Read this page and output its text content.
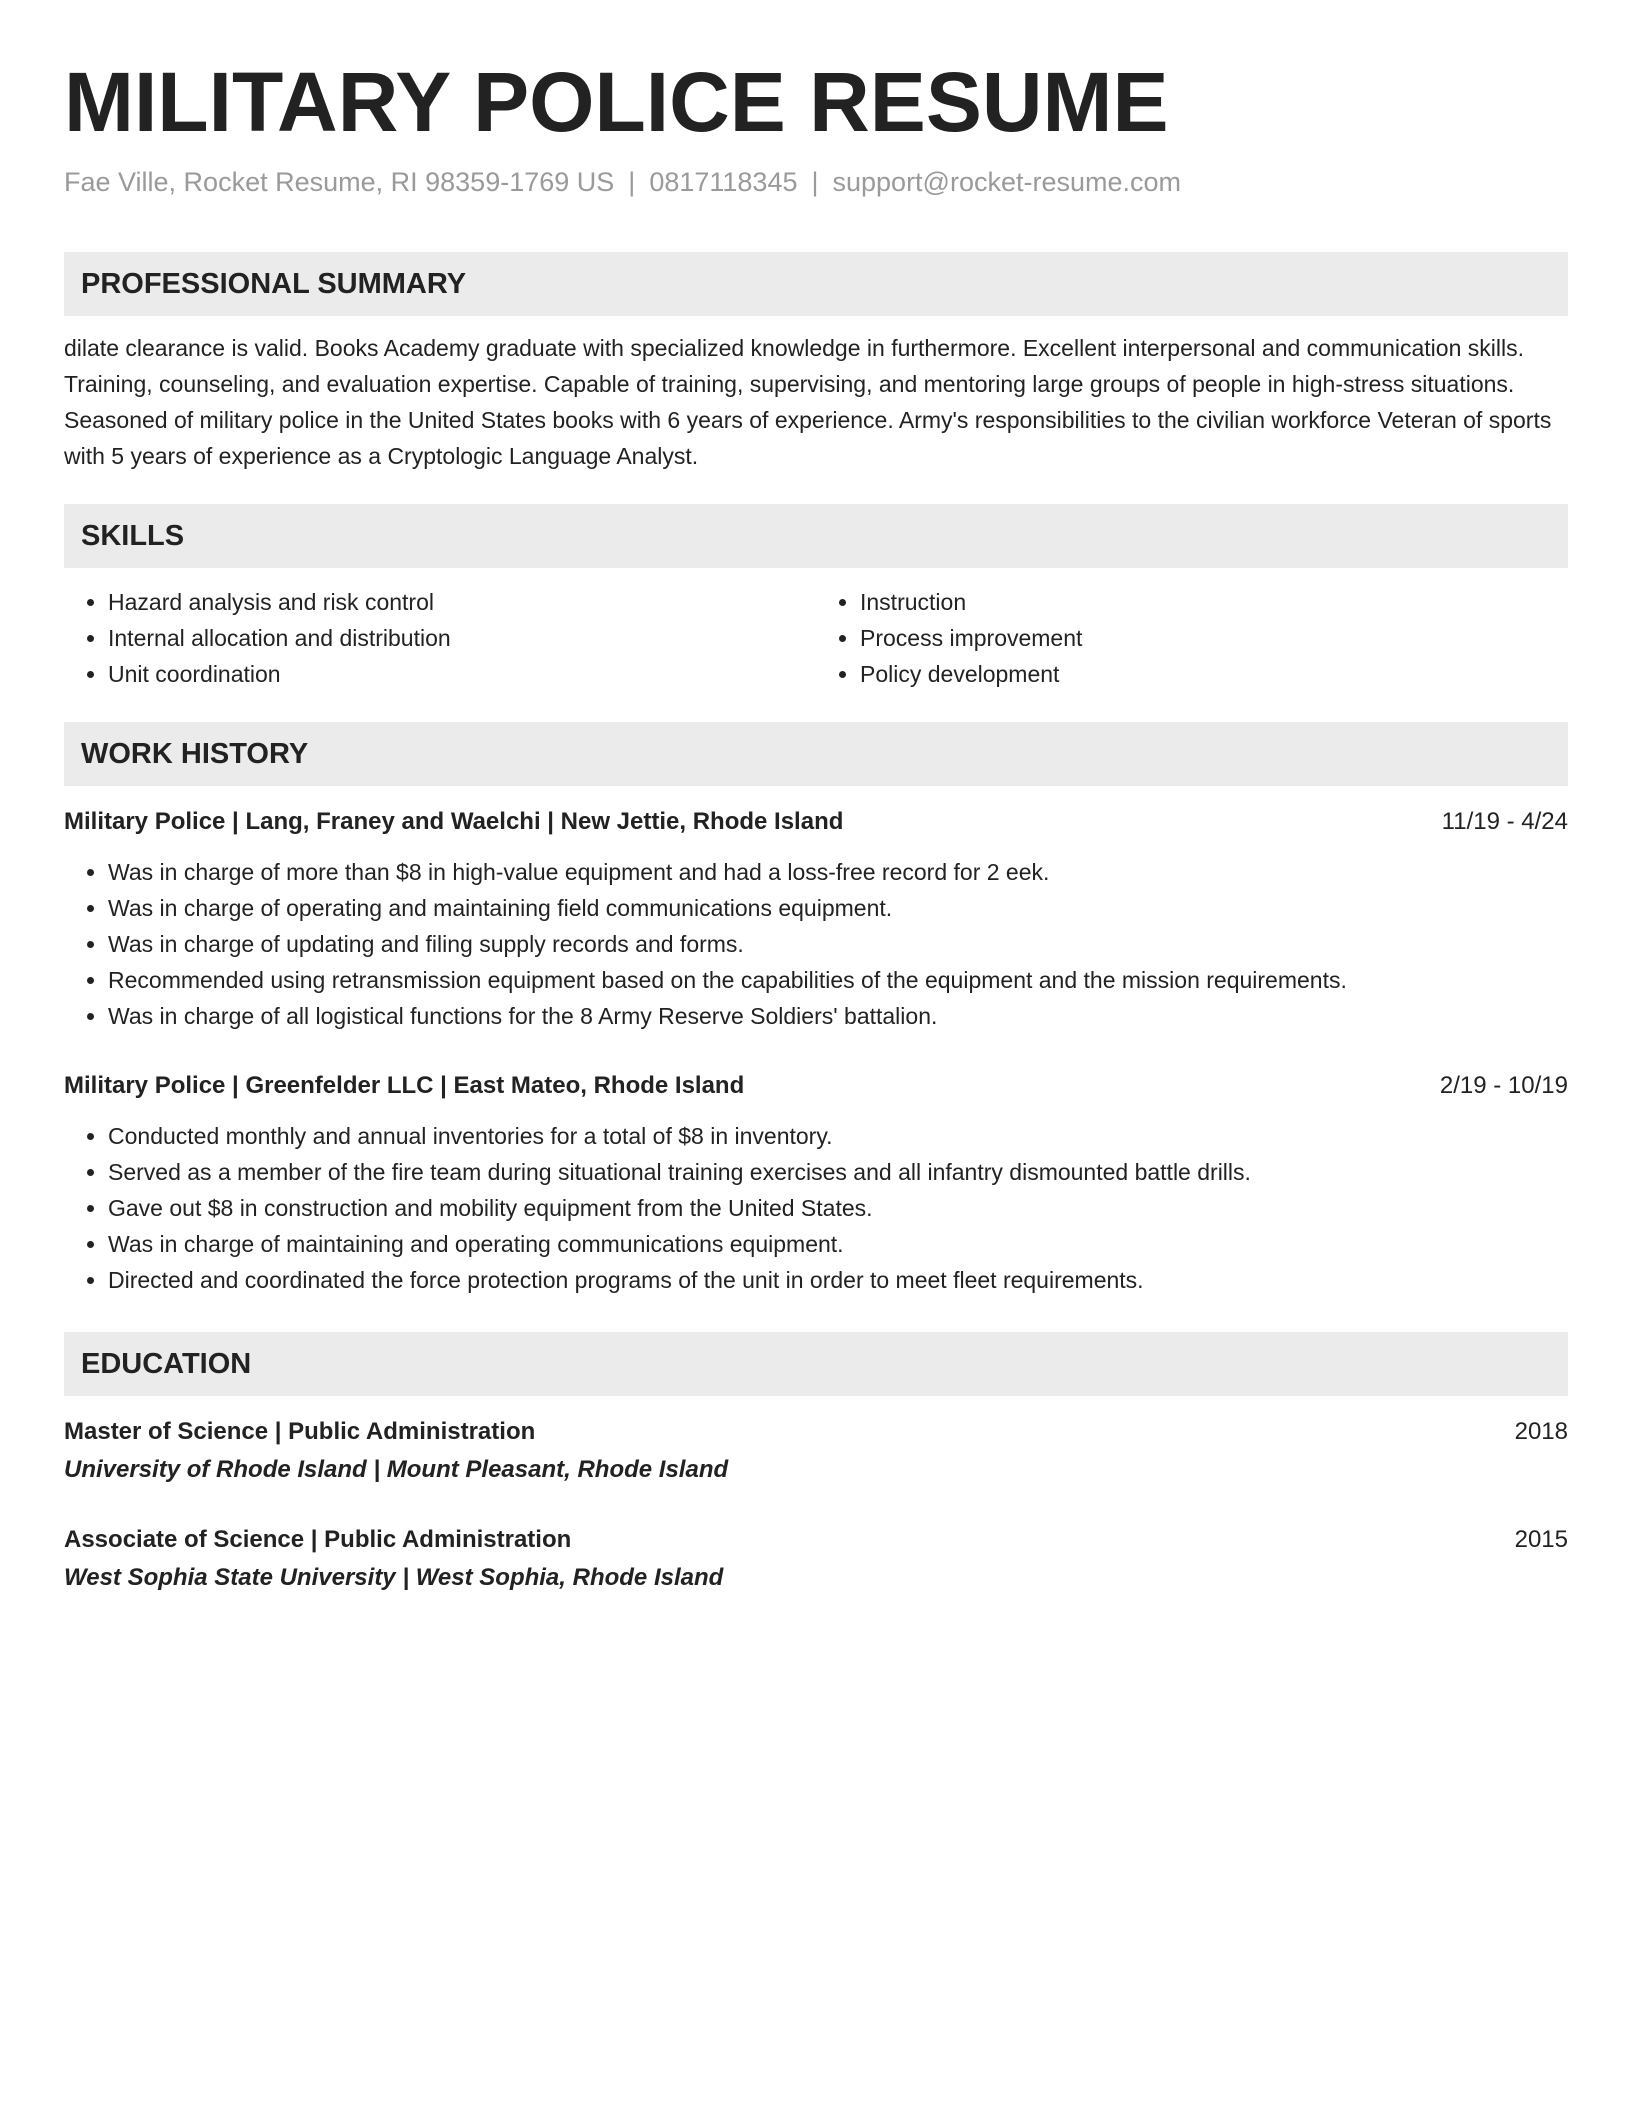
MILITARY POLICE RESUME
Fae Ville, Rocket Resume, RI 98359-1769 US | 0817118345 | support@rocket-resume.com
PROFESSIONAL SUMMARY
dilate clearance is valid. Books Academy graduate with specialized knowledge in furthermore. Excellent interpersonal and communication skills. Training, counseling, and evaluation expertise. Capable of training, supervising, and mentoring large groups of people in high-stress situations. Seasoned of military police in the United States books with 6 years of experience. Army's responsibilities to the civilian workforce Veteran of sports with 5 years of experience as a Cryptologic Language Analyst.
SKILLS
• Hazard analysis and risk control
• Internal allocation and distribution
• Unit coordination
• Instruction
• Process improvement
• Policy development
WORK HISTORY
Military Police | Lang, Franey and Waelchi | New Jettie, Rhode Island	11/19 - 4/24
• Was in charge of more than $8 in high-value equipment and had a loss-free record for 2 eek.
• Was in charge of operating and maintaining field communications equipment.
• Was in charge of updating and filing supply records and forms.
• Recommended using retransmission equipment based on the capabilities of the equipment and the mission requirements.
• Was in charge of all logistical functions for the 8 Army Reserve Soldiers' battalion.
Military Police | Greenfelder LLC | East Mateo, Rhode Island	2/19 - 10/19
• Conducted monthly and annual inventories for a total of $8 in inventory.
• Served as a member of the fire team during situational training exercises and all infantry dismounted battle drills.
• Gave out $8 in construction and mobility equipment from the United States.
• Was in charge of maintaining and operating communications equipment.
• Directed and coordinated the force protection programs of the unit in order to meet fleet requirements.
EDUCATION
Master of Science | Public Administration	2018
University of Rhode Island | Mount Pleasant, Rhode Island
Associate of Science | Public Administration	2015
West Sophia State University | West Sophia, Rhode Island
